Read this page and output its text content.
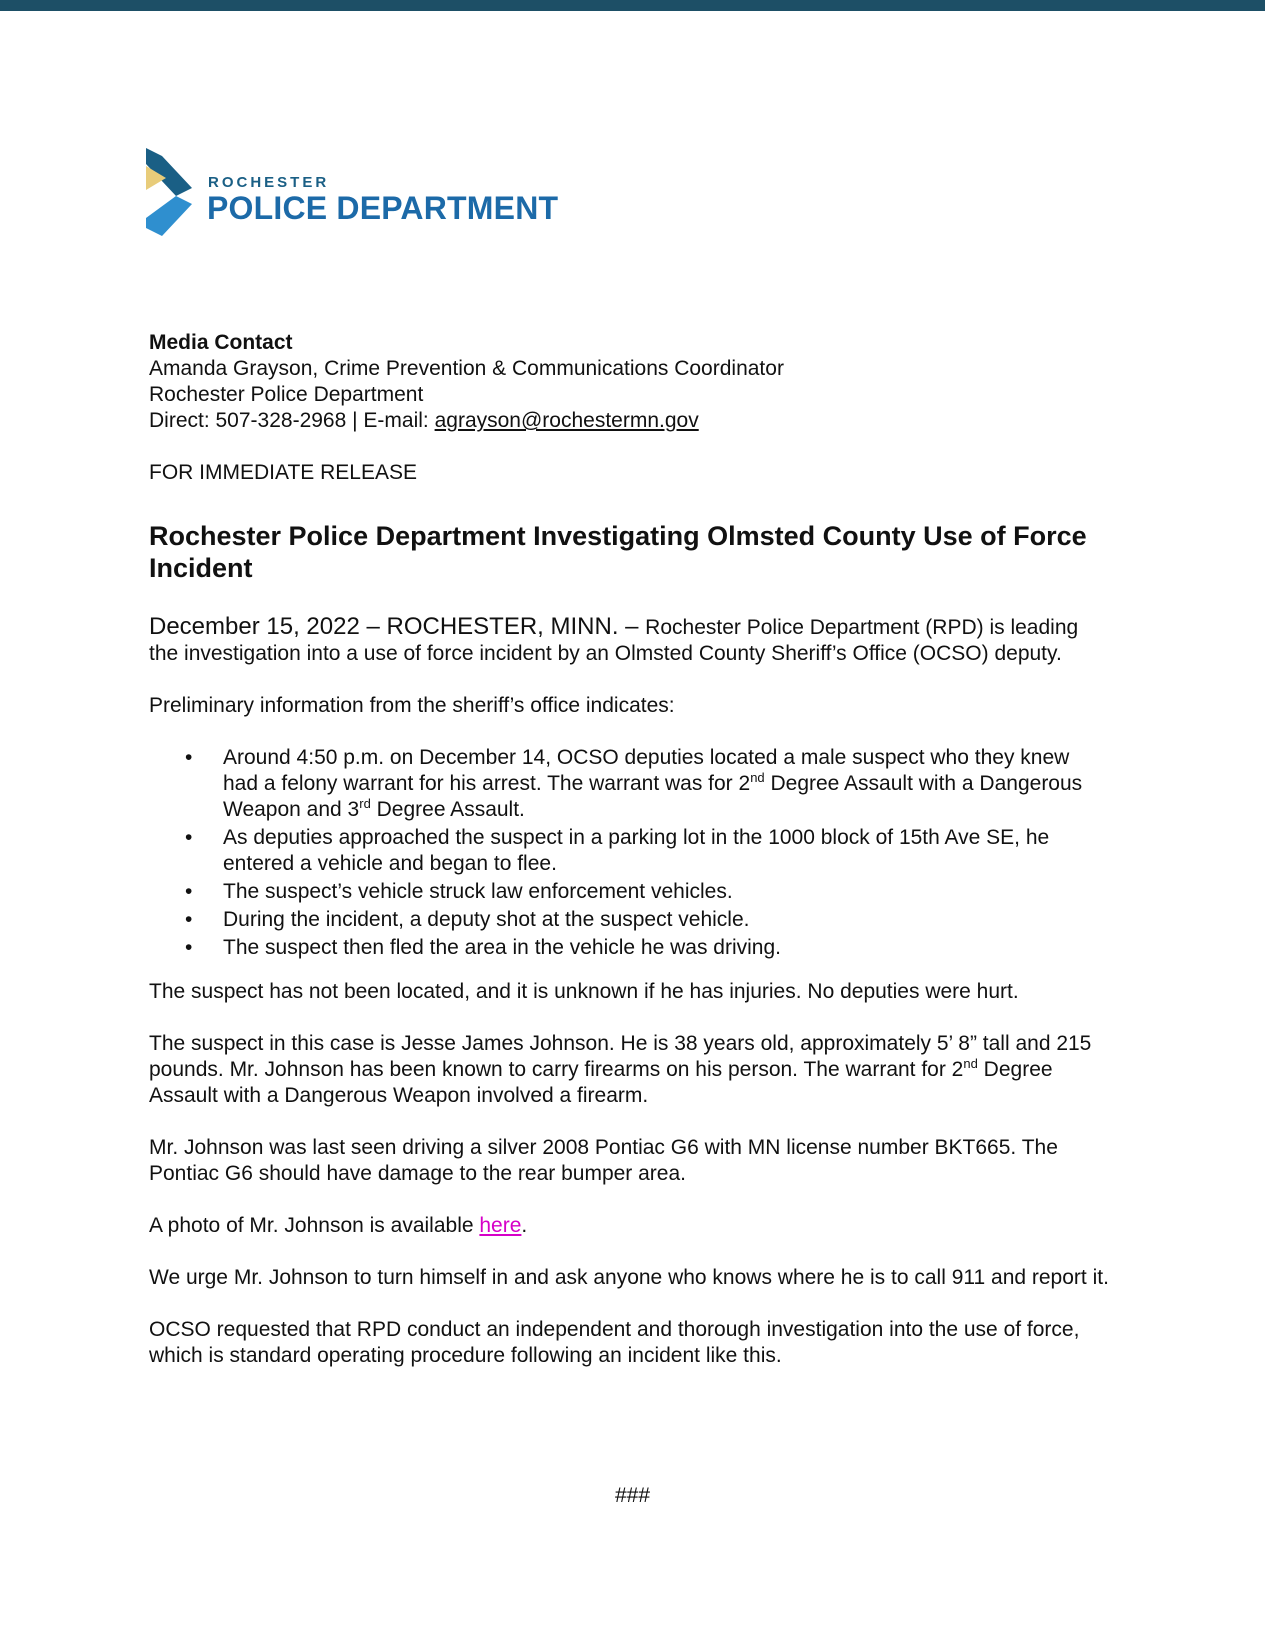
ROCHESTER
POLICE DEPARTMENT

Media Contact

Amanda Grayson, Crime Prevention & Communications Coordinator

Rochester Police Department

Direct: 507-328-2968 | E-mail: agrayson@rochestermn.gov

FOR IMMEDIATE RELEASE

Rochester Police Department Investigating Olmsted County Use of Force Incident

December 15, 2022 – ROCHESTER, MINN. – Rochester Police Department (RPD) is leading the investigation into a use of force incident by an Olmsted County Sheriff’s Office (OCSO) deputy.

Preliminary information from the sheriff’s office indicates:

• Around 4:50 p.m. on December 14, OCSO deputies located a male suspect who they knew had a felony warrant for his arrest. The warrant was for 2nd Degree Assault with a Dangerous Weapon and 3rd Degree Assault.
• As deputies approached the suspect in a parking lot in the 1000 block of 15th Ave SE, he entered a vehicle and began to flee.
• The suspect’s vehicle struck law enforcement vehicles.
• During the incident, a deputy shot at the suspect vehicle.
• The suspect then fled the area in the vehicle he was driving.

The suspect has not been located, and it is unknown if he has injuries. No deputies were hurt.

The suspect in this case is Jesse James Johnson. He is 38 years old, approximately 5’ 8” tall and 215 pounds. Mr. Johnson has been known to carry firearms on his person. The warrant for 2nd Degree Assault with a Dangerous Weapon involved a firearm.

Mr. Johnson was last seen driving a silver 2008 Pontiac G6 with MN license number BKT665. The Pontiac G6 should have damage to the rear bumper area.

A photo of Mr. Johnson is available here.

We urge Mr. Johnson to turn himself in and ask anyone who knows where he is to call 911 and report it.

OCSO requested that RPD conduct an independent and thorough investigation into the use of force, which is standard operating procedure following an incident like this.

###
